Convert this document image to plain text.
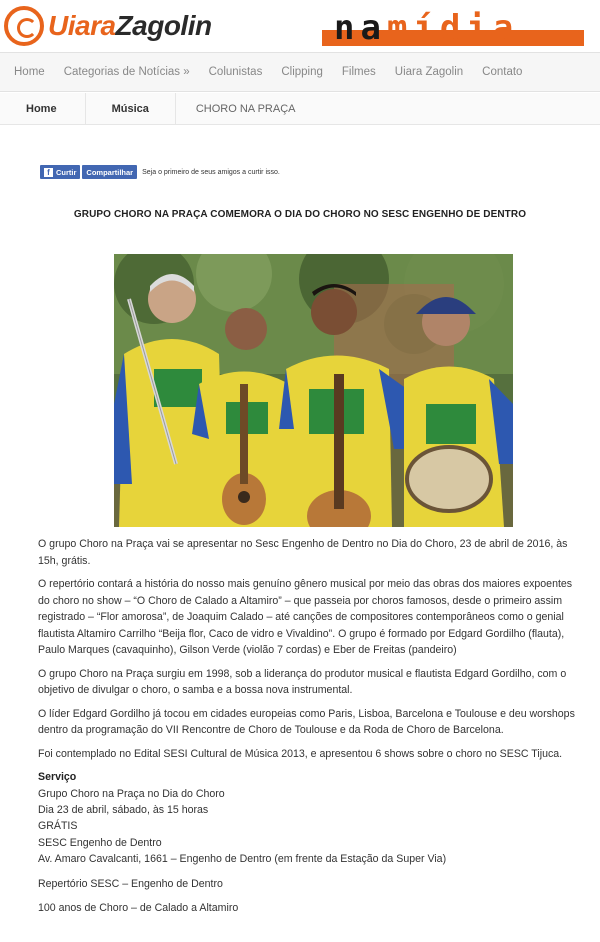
UiaraZagolin	namídia
Home Categorias de Notícias » Colunistas Clipping Filmes Uiara Zagolin Contato
Home	Música	CHORO NA PRAÇA
f Curtir Compartilhar Seja o primeiro de seus amigos a curtir isso.
GRUPO CHORO NA PRAÇA COMEMORA O DIA DO CHORO NO SESC ENGENHO DE DENTRO

O grupo Choro na Praça vai se apresentar no Sesc Engenho de Dentro no Dia do Choro, 23 de abril de 2016, às 15h, grátis.

O repertório contará a história do nosso mais genuíno gênero musical por meio das obras dos maiores expoentes do choro no show – “O Choro de Calado a Altamiro” – que passeia por choros famosos, desde o primeiro assim registrado – “Flor amorosa”, de Joaquim Calado – até canções de compositores contemporâneos como o genial flautista Altamiro Carrilho “Beija flor, Caco de vidro e Vivaldino”. O grupo é formado por Edgard Gordilho (flauta), Paulo Marques (cavaquinho), Gilson Verde (violão 7 cordas) e Eber de Freitas (pandeiro)

O grupo Choro na Praça surgiu em 1998, sob a liderança do produtor musical e flautista Edgard Gordilho, com o objetivo de divulgar o choro, o samba e a bossa nova instrumental.

O líder Edgard Gordilho já tocou em cidades europeias como Paris, Lisboa, Barcelona e Toulouse e deu worshops dentro da programação do VII Rencontre de Choro de Toulouse e da Roda de Choro de Barcelona.

Foi contemplado no Edital SESI Cultural de Música 2013, e apresentou 6 shows sobre o choro no SESC Tijuca.

Serviço
Grupo Choro na Praça no Dia do Choro
Dia 23 de abril, sábado, às 15 horas
GRÁTIS
SESC Engenho de Dentro
Av. Amaro Cavalcanti, 1661 – Engenho de Dentro (em frente da Estação da Super Via)

Repertório SESC – Engenho de Dentro

100 anos de Choro – de Calado a Altamiro
